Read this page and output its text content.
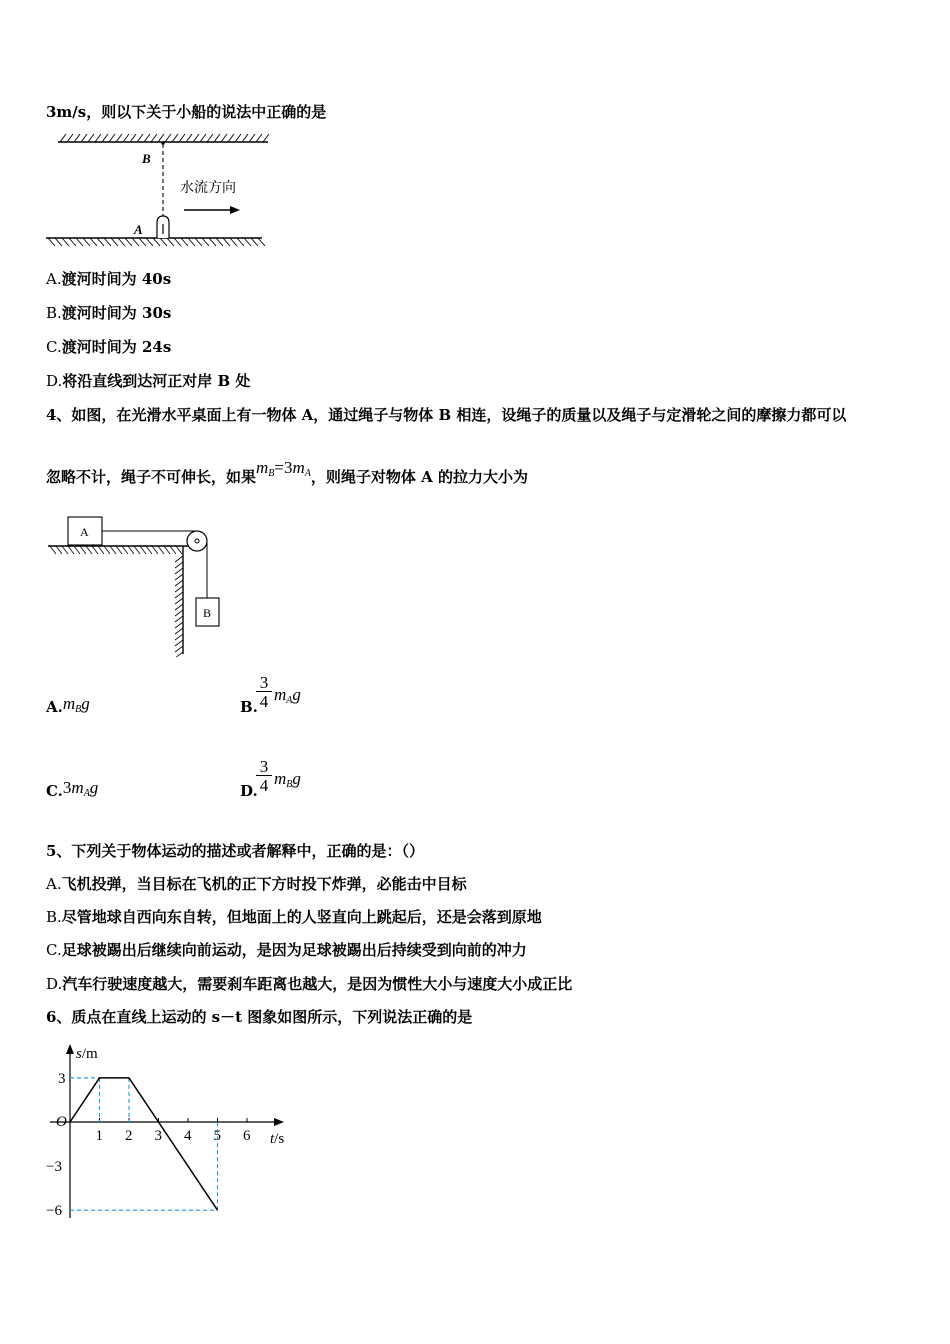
3m/s，则以下关于小船的说法中正确的是
B
A
水流方向
A.渡河时间为 40s
B.渡河时间为 30s
C.渡河时间为 24s
D.将沿直线到达河正对岸 B 处
4、如图，在光滑水平桌面上有一物体 A，通过绳子与物体 B 相连，设绳子的质量以及绳子与定滑轮之间的摩擦力都可以
忽略不计，绳子不可伸长，如果$m_B=3m_A$，则绳子对物体 A 的拉力大小为
A
B
$A.m_Bg$	B.
$\frac{3}{4} m_Ag$
$C.3m_Ag$	D.
$\frac{3}{4} m_Bg$
5、下列关于物体运动的描述或者解释中，正确的是：（）
A.飞机投弹，当目标在飞机的正下方时投下炸弹，必能击中目标
B.尽管地球自西向东自转，但地面上的人竖直向上跳起后，还是会落到原地
C.足球被踢出后继续向前运动，是因为足球被踢出后持续受到向前的冲力
D.汽车行驶速度越大，需要刹车距离也越大，是因为惯性大小与速度大小成正比
6、质点在直线上运动的 s－t 图象如图所示，下列说法正确的是
s/m
t/s
O
1 2 3 4 5 6
3
−3
−6
